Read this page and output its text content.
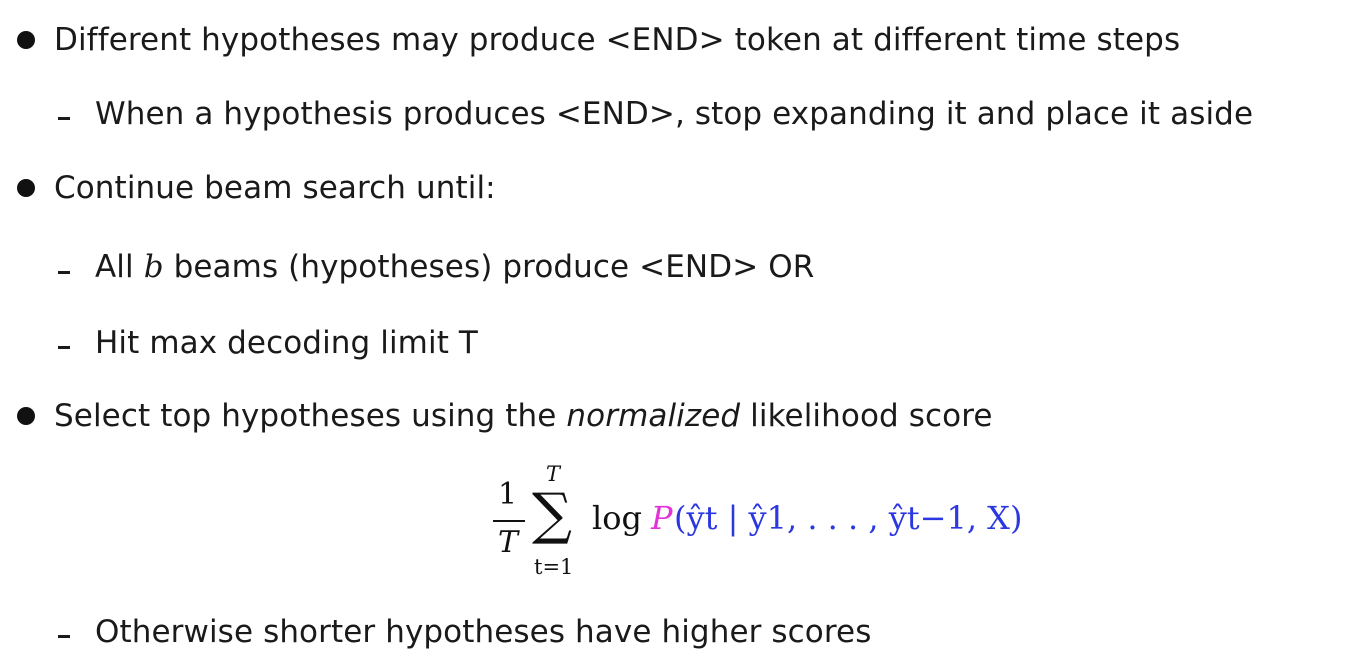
Different hypotheses may produce <END> token at different time steps
When a hypothesis produces <END>, stop expanding it and place it aside
Continue beam search until:
All b beams (hypotheses) produce <END> OR
Hit max decoding limit T
Select top hypotheses using the normalized likelihood score
1
T
T
∑
t=1
log P (ŷt | ŷ1, . . . , ŷt−1, X)
Otherwise shorter hypotheses have higher scores
